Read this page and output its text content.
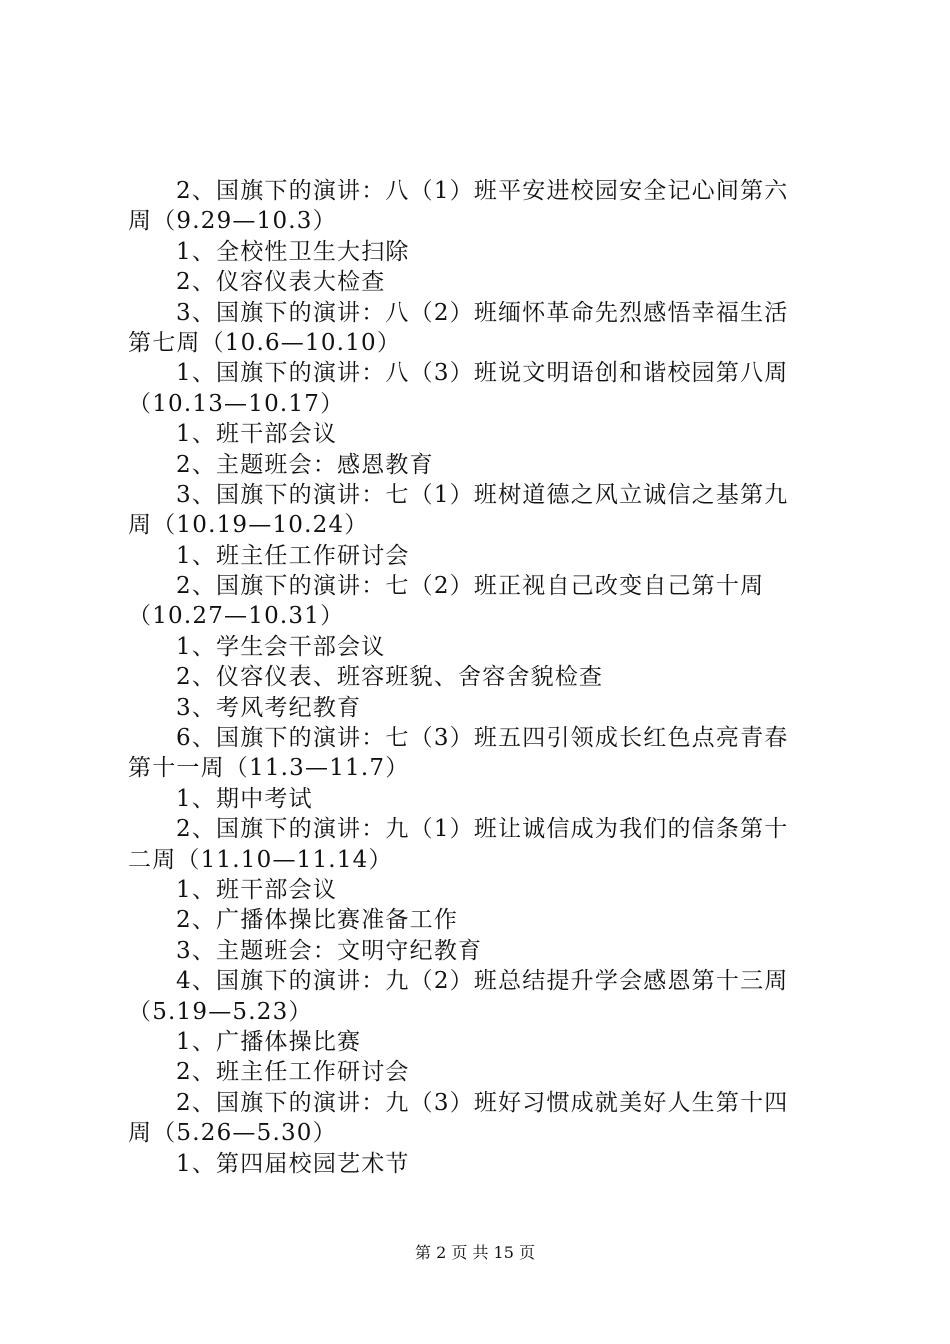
2、国旗下的演讲：八（1）班平安进校园安全记心间第六
周（9.29—10.3）
1、全校性卫生大扫除
2、仪容仪表大检查
3、国旗下的演讲：八（2）班缅怀革命先烈感悟幸福生活
第七周（10.6—10.10）
1、国旗下的演讲：八（3）班说文明语创和谐校园第八周
（10.13—10.17）
1、班干部会议
2、主题班会：感恩教育
3、国旗下的演讲：七（1）班树道德之风立诚信之基第九
周（10.19—10.24）
1、班主任工作研讨会
2、国旗下的演讲：七（2）班正视自己改变自己第十周
（10.27—10.31）
1、学生会干部会议
2、仪容仪表、班容班貌、舍容舍貌检查
3、考风考纪教育
6、国旗下的演讲：七（3）班五四引领成长红色点亮青春
第十一周（11.3—11.7）
1、期中考试
2、国旗下的演讲：九（1）班让诚信成为我们的信条第十
二周（11.10—11.14）
1、班干部会议
2、广播体操比赛准备工作
3、主题班会：文明守纪教育
4、国旗下的演讲：九（2）班总结提升学会感恩第十三周
（5.19—5.23）
1、广播体操比赛
2、班主任工作研讨会
2、国旗下的演讲：九（3）班好习惯成就美好人生第十四
周（5.26—5.30）
1、第四届校园艺术节
第 2 页 共 15 页
